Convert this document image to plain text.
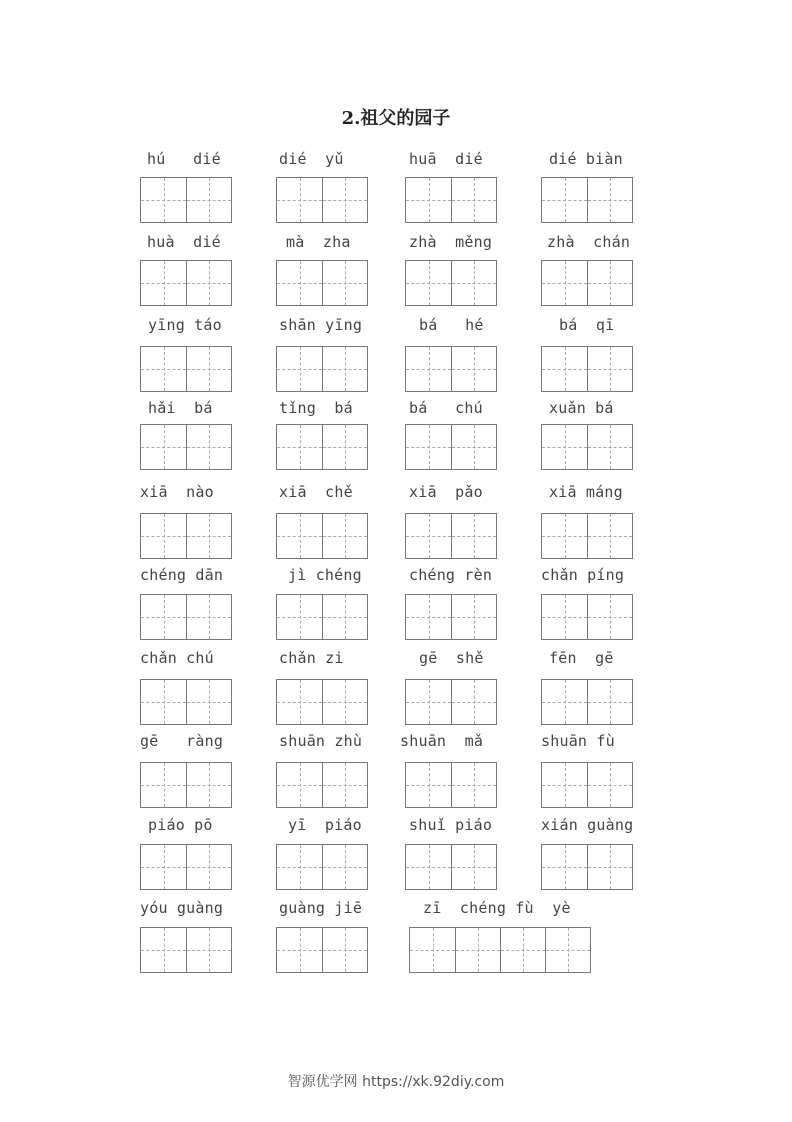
2.祖父的园子
hú   dié	dié  yǔ	huā  dié	dié biàn
huà  dié	mà  zha	zhà  měng	zhà  chán
yīng táo	shān yīng	bá   hé	bá  qī
hǎi  bá	tǐng  bá	bá   chú	xuǎn bá
xiā  nào	xiā  chě	xiā  pǎo	xiā máng
chéng dān	jì chéng	chéng rèn	chǎn píng
chǎn chú	chǎn zi	gē  shě	fēn  gē
gē   ràng	shuān zhù	shuān  mǎ	shuān fù
piáo pō	yī  piáo	shuǐ piáo	xián guàng
yóu guàng	guàng jiē	zī  chéng fù  yè
智源优学网 https://xk.92diy.com
